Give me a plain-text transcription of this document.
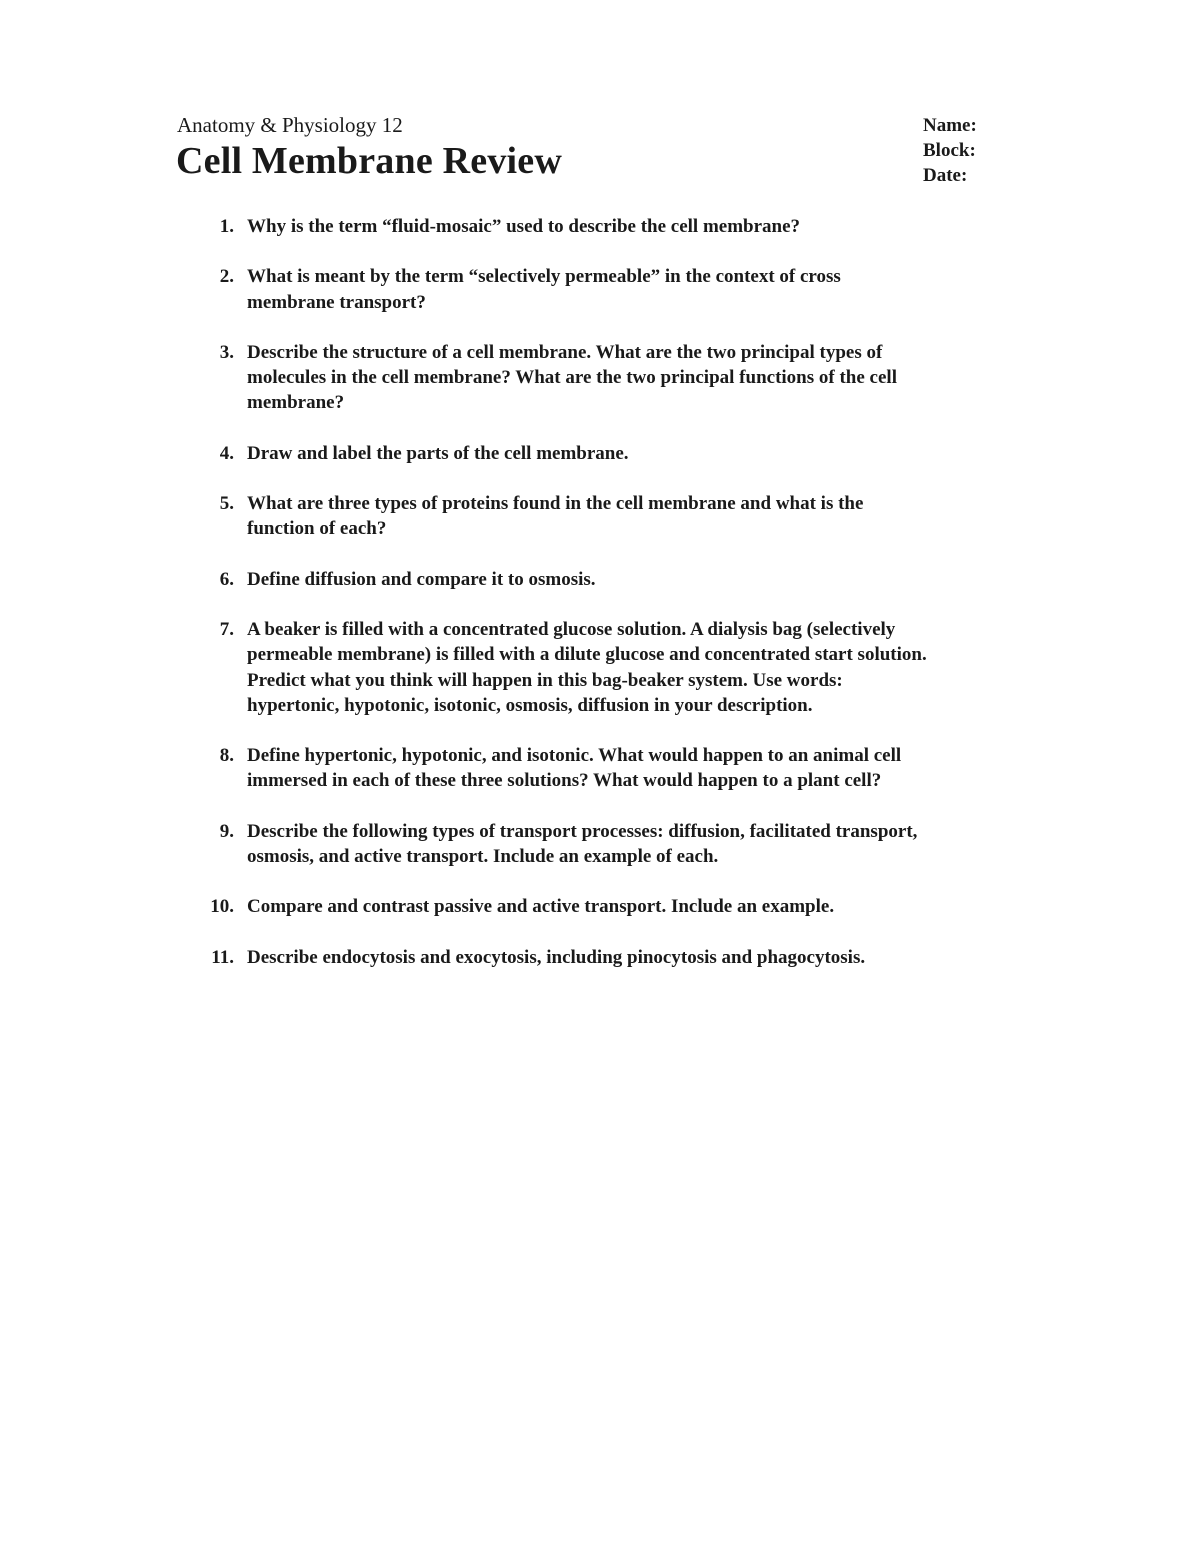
Anatomy & Physiology 12
Cell Membrane Review
Name:
Block:
Date:
1. Why is the term “fluid-mosaic” used to describe the cell membrane?
2. What is meant by the term “selectively permeable” in the context of cross
membrane transport?
3. Describe the structure of a cell membrane. What are the two principal types of
molecules in the cell membrane? What are the two principal functions of the cell
membrane?
4. Draw and label the parts of the cell membrane.
5. What are three types of proteins found in the cell membrane and what is the
function of each?
6. Define diffusion and compare it to osmosis.
7. A beaker is filled with a concentrated glucose solution. A dialysis bag (selectively
permeable membrane) is filled with a dilute glucose and concentrated start solution.
Predict what you think will happen in this bag-beaker system. Use words:
hypertonic, hypotonic, isotonic, osmosis, diffusion in your description.
8. Define hypertonic, hypotonic, and isotonic. What would happen to an animal cell
immersed in each of these three solutions? What would happen to a plant cell?
9. Describe the following types of transport processes: diffusion, facilitated transport,
osmosis, and active transport. Include an example of each.
10. Compare and contrast passive and active transport. Include an example.
11. Describe endocytosis and exocytosis, including pinocytosis and phagocytosis.
